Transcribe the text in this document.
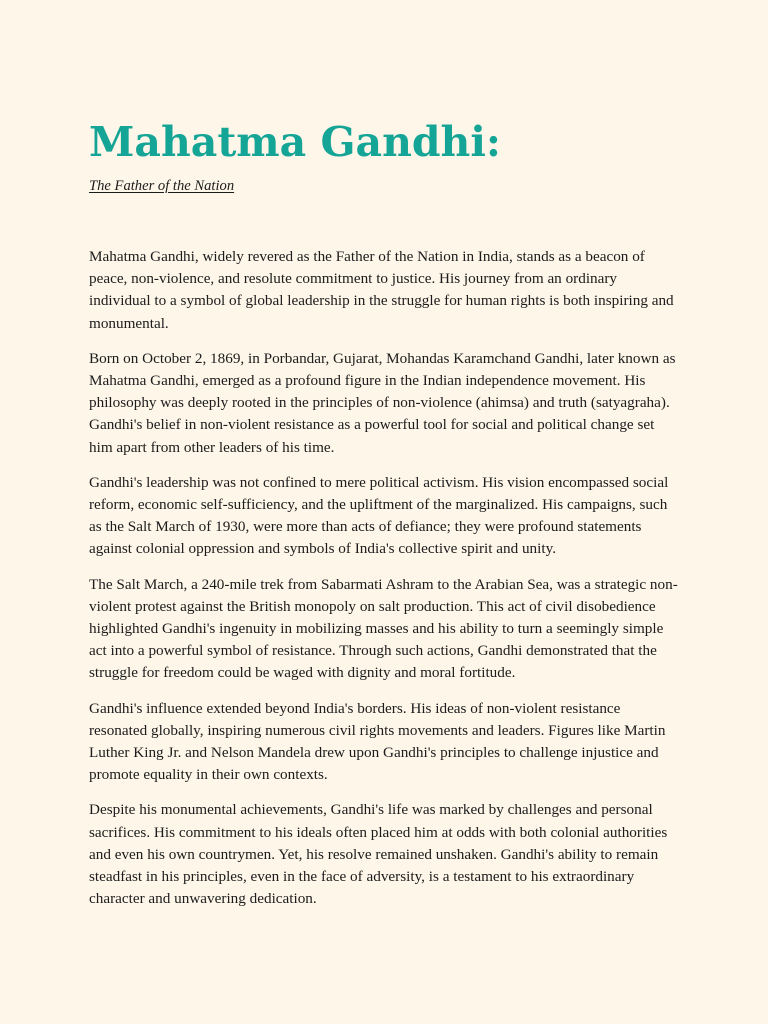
Mahatma Gandhi:
The Father of the Nation

Mahatma Gandhi, widely revered as the Father of the Nation in India, stands as a beacon of peace, non-violence, and resolute commitment to justice. His journey from an ordinary individual to a symbol of global leadership in the struggle for human rights is both inspiring and monumental.

Born on October 2, 1869, in Porbandar, Gujarat, Mohandas Karamchand Gandhi, later known as Mahatma Gandhi, emerged as a profound figure in the Indian independence movement. His philosophy was deeply rooted in the principles of non-violence (ahimsa) and truth (satyagraha). Gandhi's belief in non-violent resistance as a powerful tool for social and political change set him apart from other leaders of his time.

Gandhi's leadership was not confined to mere political activism. His vision encompassed social reform, economic self-sufficiency, and the upliftment of the marginalized. His campaigns, such as the Salt March of 1930, were more than acts of defiance; they were profound statements against colonial oppression and symbols of India's collective spirit and unity.

The Salt March, a 240-mile trek from Sabarmati Ashram to the Arabian Sea, was a strategic non-violent protest against the British monopoly on salt production. This act of civil disobedience highlighted Gandhi's ingenuity in mobilizing masses and his ability to turn a seemingly simple act into a powerful symbol of resistance. Through such actions, Gandhi demonstrated that the struggle for freedom could be waged with dignity and moral fortitude.

Gandhi's influence extended beyond India's borders. His ideas of non-violent resistance resonated globally, inspiring numerous civil rights movements and leaders. Figures like Martin Luther King Jr. and Nelson Mandela drew upon Gandhi's principles to challenge injustice and promote equality in their own contexts.

Despite his monumental achievements, Gandhi's life was marked by challenges and personal sacrifices. His commitment to his ideals often placed him at odds with both colonial authorities and even his own countrymen. Yet, his resolve remained unshaken. Gandhi's ability to remain steadfast in his principles, even in the face of adversity, is a testament to his extraordinary character and unwavering dedication.
